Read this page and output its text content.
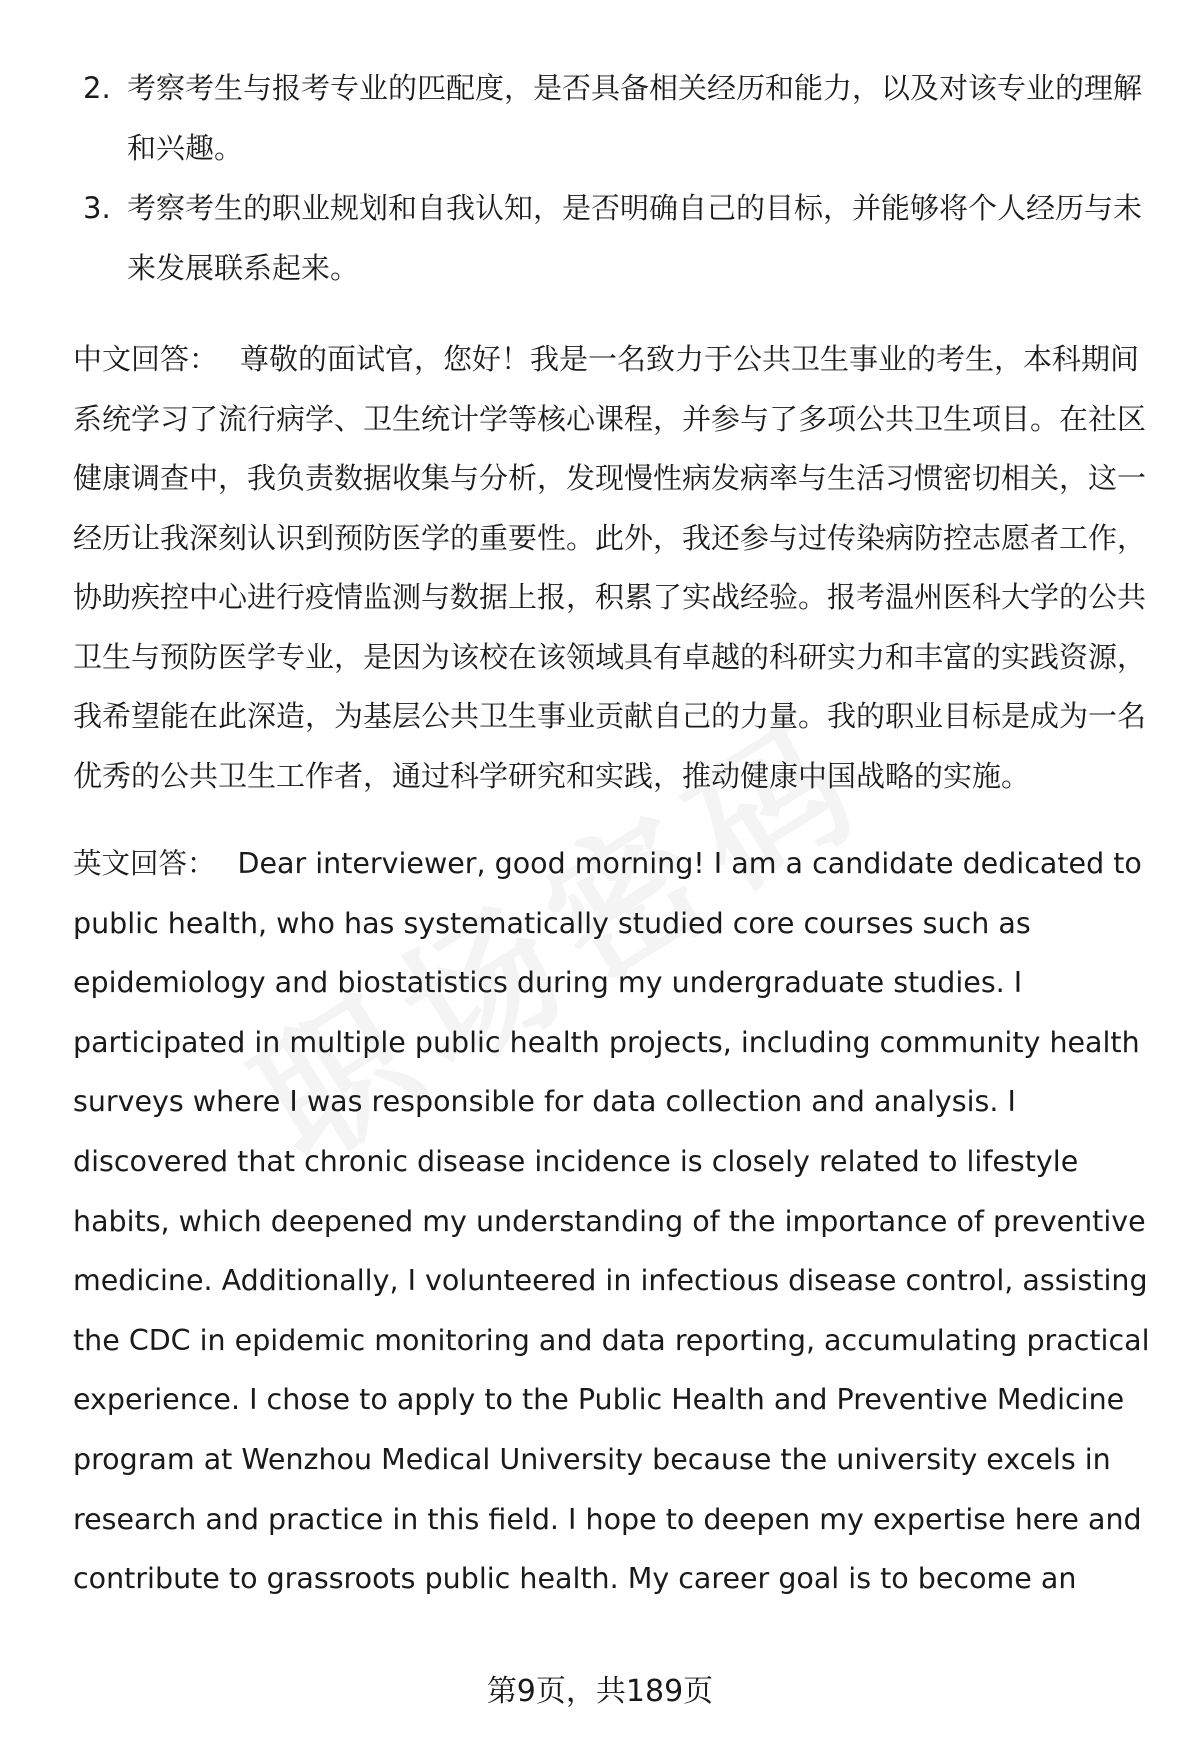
2. 考察考生与报考专业的匹配度，是否具备相关经历和能力，以及对该专业的理解和兴趣。
3. 考察考生的职业规划和自我认知，是否明确自己的目标，并能够将个人经历与未来发展联系起来。

中文回答： 尊敬的面试官，您好！我是一名致力于公共卫生事业的考生，本科期间系统学习了流行病学、卫生统计学等核心课程，并参与了多项公共卫生项目。在社区健康调查中，我负责数据收集与分析，发现慢性病发病率与生活习惯密切相关，这一经历让我深刻认识到预防医学的重要性。此外，我还参与过传染病防控志愿者工作，协助疾控中心进行疫情监测与数据上报，积累了实战经验。报考温州医科大学的公共卫生与预防医学专业，是因为该校在该领域具有卓越的科研实力和丰富的实践资源，我希望能在此深造，为基层公共卫生事业贡献自己的力量。我的职业目标是成为一名优秀的公共卫生工作者，通过科学研究和实践，推动健康中国战略的实施。

英文回答： Dear interviewer, good morning! I am a candidate dedicated to public health, who has systematically studied core courses such as epidemiology and biostatistics during my undergraduate studies. I participated in multiple public health projects, including community health surveys where I was responsible for data collection and analysis. I discovered that chronic disease incidence is closely related to lifestyle habits, which deepened my understanding of the importance of preventive medicine. Additionally, I volunteered in infectious disease control, assisting the CDC in epidemic monitoring and data reporting, accumulating practical experience. I chose to apply to the Public Health and Preventive Medicine program at Wenzhou Medical University because the university excels in research and practice in this field. I hope to deepen my expertise here and contribute to grassroots public health. My career goal is to become an

第9页，共189页
